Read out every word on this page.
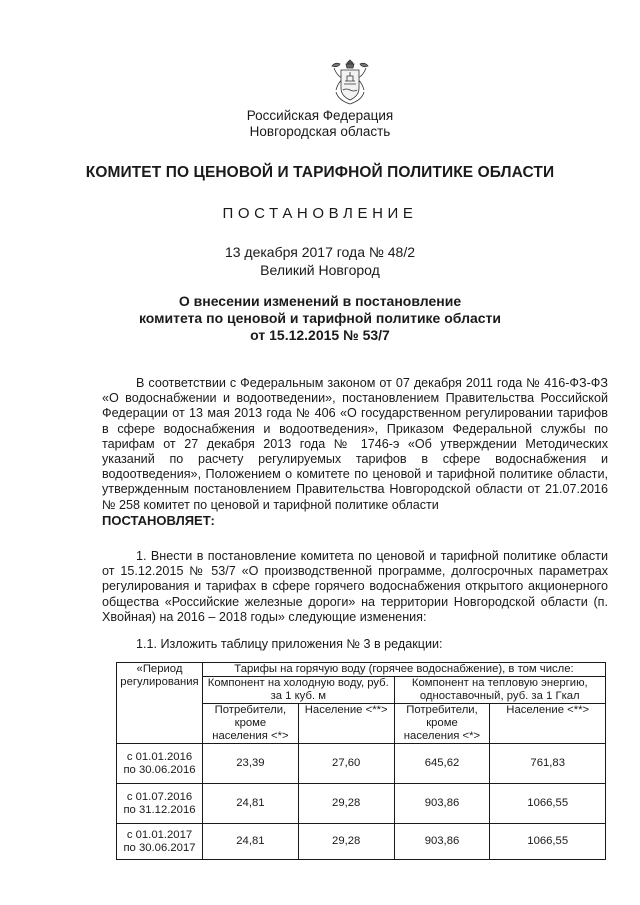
Российская Федерация
Новгородская область
КОМИТЕТ ПО ЦЕНОВОЙ И ТАРИФНОЙ ПОЛИТИКЕ ОБЛАСТИ
ПОСТАНОВЛЕНИЕ
13 декабря 2017 года № 48/2
Великий Новгород
О внесении изменений в постановление
комитета по ценовой и тарифной политике области
от 15.12.2015 № 53/7

В соответствии с Федеральным законом от 07 декабря 2011 года № 416-ФЗ-ФЗ «О водоснабжении и водоотведении», постановлением Правительства Российской Федерации от 13 мая 2013 года № 406 «О государственном регулировании тарифов в сфере водоснабжения и водоотведения», Приказом Федеральной службы по тарифам от 27 декабря 2013 года № 1746-э «Об утверждении Методических указаний по расчету регулируемых тарифов в сфере водоснабжения и водоотведения», Положением о комитете по ценовой и тарифной политике области, утвержденным постановлением Правительства Новгородской области от 21.07.2016 № 258 комитет по ценовой и тарифной политике области

ПОСТАНОВЛЯЕТ:

1. Внести в постановление комитета по ценовой и тарифной политике области от 15.12.2015 № 53/7 «О производственной программе, долгосрочных параметрах регулирования и тарифах в сфере горячего водоснабжения открытого акционерного общества «Российские железные дороги» на территории Новгородской области (п. Хвойная) на 2016 – 2018 годы» следующие изменения:

1.1. Изложить таблицу приложения № 3 в редакции:

«Период регулирования	Тарифы на горячую воду (горячее водоснабжение), в том числе:			
	Компонент на холодную воду, руб. за 1 куб. м		Компонент на тепловую энергию, одноставочный, руб. за 1 Гкал	
	Потребители, кроме населения <*>	Население <**>	Потребители, кроме населения <*>	Население <**>
с 01.01.2016 по 30.06.2016	23,39	27,60	645,62	761,83
с 01.07.2016 по 31.12.2016	24,81	29,28	903,86	1066,55
с 01.01.2017 по 30.06.2017	24,81	29,28	903,86	1066,55
